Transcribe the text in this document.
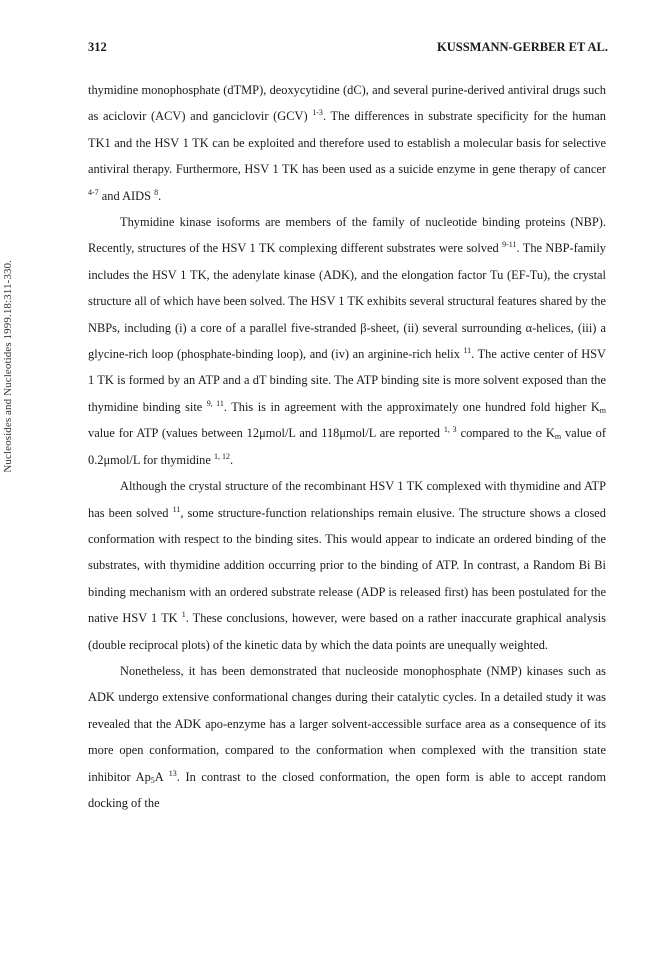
Nucleosides and Nucleotides 1999.18:311-330.
312	KUSSMANN-GERBER ET AL.

thymidine monophosphate (dTMP), deoxycytidine (dC), and several purine-derived antiviral drugs such as aciclovir (ACV) and ganciclovir (GCV) $^{1-3}$. The differences in substrate specificity for the human TK1 and the HSV 1 TK can be exploited and therefore used to establish a molecular basis for selective antiviral therapy. Furthermore, HSV 1 TK has been used as a suicide enzyme in gene therapy of cancer $^{4-7}$ and AIDS $^8$.

Thymidine kinase isoforms are members of the family of nucleotide binding proteins (NBP). Recently, structures of the HSV 1 TK complexing different substrates were solved $^{9-11}$. The NBP-family includes the HSV 1 TK, the adenylate kinase (ADK), and the elongation factor Tu (EF-Tu), the crystal structure all of which have been solved. The HSV 1 TK exhibits several structural features shared by the NBPs, including (i) a core of a parallel five-stranded β-sheet, (ii) several surrounding α-helices, (iii) a glycine-rich loop (phosphate-binding loop), and (iv) an arginine-rich helix $^{11}$. The active center of HSV 1 TK is formed by an ATP and a dT binding site. The ATP binding site is more solvent exposed than the thymidine binding site $^{9, 11}$. This is in agreement with the approximately one hundred fold higher $K_m$ value for ATP (values between 12μmol/L and 118μmol/L are reported $^{1, 3}$ compared to the $K_m$ value of 0.2μmol/L for thymidine $^{1, 12}$.

Although the crystal structure of the recombinant HSV 1 TK complexed with thymidine and ATP has been solved $^{11}$, some structure-function relationships remain elusive. The structure shows a closed conformation with respect to the binding sites. This would appear to indicate an ordered binding of the substrates, with thymidine addition occurring prior to the binding of ATP. In contrast, a Random Bi Bi binding mechanism with an ordered substrate release (ADP is released first) has been postulated for the native HSV 1 TK $^1$. These conclusions, however, were based on a rather inaccurate graphical analysis (double reciprocal plots) of the kinetic data by which the data points are unequally weighted.

Nonetheless, it has been demonstrated that nucleoside monophosphate (NMP) kinases such as ADK undergo extensive conformational changes during their catalytic cycles. In a detailed study it was revealed that the ADK apo-enzyme has a larger solvent-accessible surface area as a consequence of its more open conformation, compared to the conformation when complexed with the transition state inhibitor $Ap_5A$ $^{13}$. In contrast to the closed conformation, the open form is able to accept random docking of the
